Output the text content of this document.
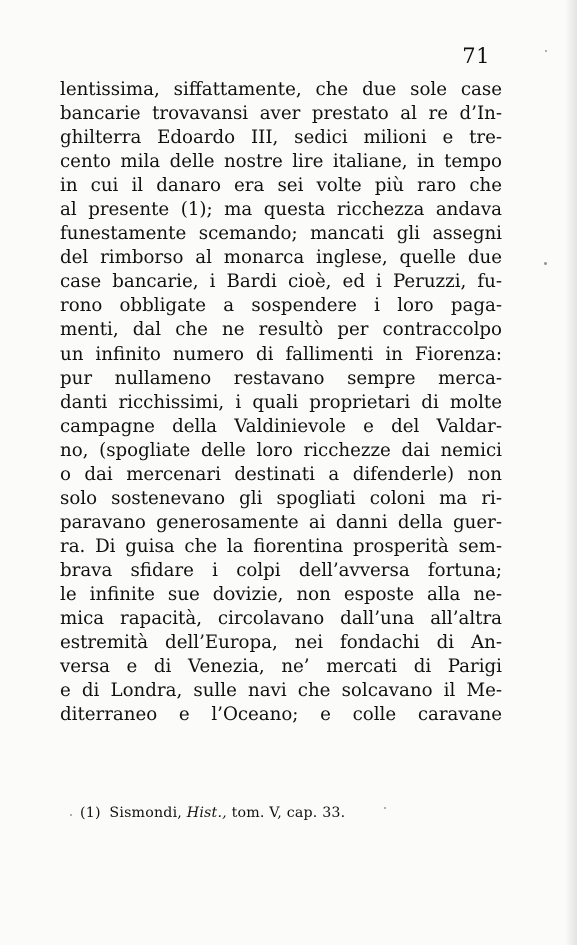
71
lentissima, siffattamente, che due sole case
bancarie trovavansi aver prestato al re d’In-
ghilterra Edoardo III, sedici milioni e tre-
cento mila delle nostre lire italiane, in tempo
in cui il danaro era sei volte più raro che
al presente (1); ma questa ricchezza andava
funestamente scemando; mancati gli assegni
del rimborso al monarca inglese, quelle due
case bancarie, i Bardi cioè, ed i Peruzzi, fu-
rono obbligate a sospendere i loro paga-
menti, dal che ne resultò per contraccolpo
un infinito numero di fallimenti in Fiorenza:
pur nullameno restavano sempre merca-
danti ricchissimi, i quali proprietari di molte
campagne della Valdinievole e del Valdar-
no, (spogliate delle loro ricchezze dai nemici
o dai mercenari destinati a difenderle) non
solo sostenevano gli spogliati coloni ma ri-
paravano generosamente ai danni della guer-
ra. Di guisa che la fiorentina prosperità sem-
brava sfidare i colpi dell’avversa fortuna;
le infinite sue dovizie, non esposte alla ne-
mica rapacità, circolavano dall’una all’altra
estremità dell’Europa, nei fondachi di An-
versa e di Venezia, ne’ mercati di Parigi
e di Londra, sulle navi che solcavano il Me-
diterraneo e l’Oceano; e colle caravane
(1) Sismondi, Hist., tom. V, cap. 33.
